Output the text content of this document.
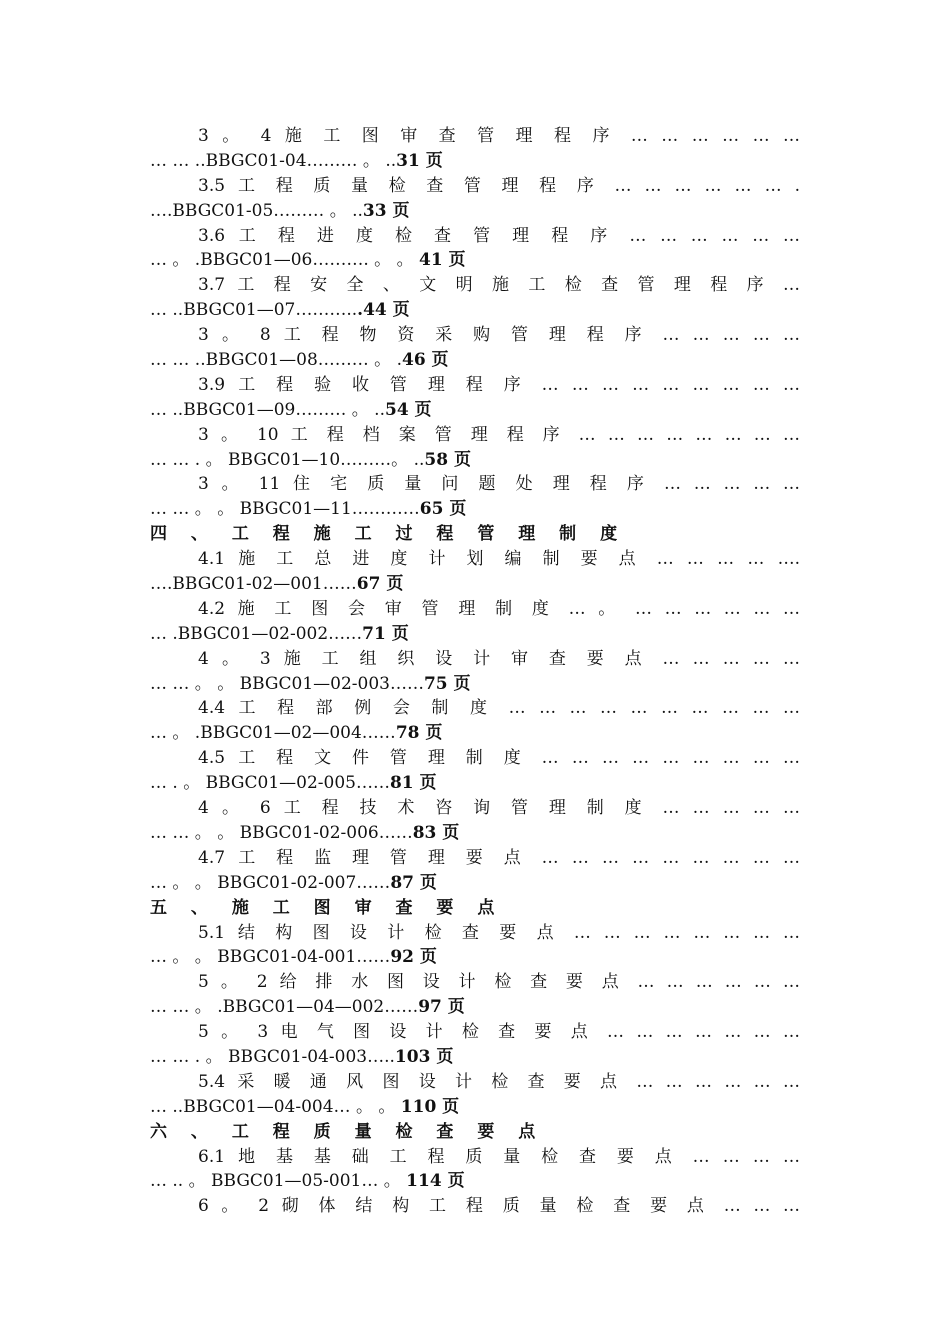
3 。 4 施 工 图 审 查 管 理 程 序 … … … … … …
… … ..BBGC01-04……… 。 ..31 页
3.5 工 程 质 量 检 查 管 理 程 序 … … … … … … .
….BBGC01-05……… 。 ..33 页
3.6 工 程 进 度 检 查 管 理 程 序 … … … … … …
… 。 .BBGC01—06………. 。 。 41 页
3.7 工 程 安 全 、 文 明 施 工 检 查 管 理 程 序 …
… ..BBGC01—07………...44 页
3 。 8 工 程 物 资 采 购 管 理 程 序 … … … … …
… … ..BBGC01—08……… 。 .46 页
3.9 工 程 验 收 管 理 程 序 … … … … … … … … …
… ..BBGC01—09……… 。 ..54 页
3 。 10 工 程 档 案 管 理 程 序 … … … … … … … …
… … . 。 BBGC01—10………。 ..58 页
3 。 11 住 宅 质 量 问 题 处 理 程 序 … … … … …
… … 。 。 BBGC01—11…………65 页
四 、 工 程 施 工 过 程 管 理 制 度
4.1 施 工 总 进 度 计 划 编 制 要 点 … … … … ….
….BBGC01-02—001……67 页
4.2 施 工 图 会 审 管 理 制 度 … 。 … … … … … …
… .BBGC01—02-002……71 页
4 。 3 施 工 组 织 设 计 审 查 要 点 … … … … …
… … 。 。 BBGC01—02-003……75 页
4.4 工 程 部 例 会 制 度 … … … … … … … … … …
… 。 .BBGC01—02—004……78 页
4.5 工 程 文 件 管 理 制 度 … … … … … … … … …
… . 。 BBGC01—02-005……81 页
4 。 6 工 程 技 术 咨 询 管 理 制 度 … … … … …
… … 。 。 BBGC01-02-006……83 页
4.7 工 程 监 理 管 理 要 点 … … … … … … … … …
… 。 。 BBGC01-02-007……87 页
五 、 施 工 图 审 查 要 点
5.1 结 构 图 设 计 检 查 要 点 … … … … … … … …
… 。 。 BBGC01-04-001……92 页
5 。 2 给 排 水 图 设 计 检 查 要 点 … … … … … …
… … 。 .BBGC01—04—002……97 页
5 。 3 电 气 图 设 计 检 查 要 点 … … … … … … …
… … . 。 BBGC01-04-003…..103 页
5.4 采 暖 通 风 图 设 计 检 查 要 点 … … … … … …
… ..BBGC01—04-004… 。 。 110 页
六 、 工 程 质 量 检 查 要 点
6.1 地 基 基 础 工 程 质 量 检 查 要 点 … … … …
… .. 。 BBGC01—05-001… 。 114 页
6 。 2 砌 体 结 构 工 程 质 量 检 查 要 点 … … …
